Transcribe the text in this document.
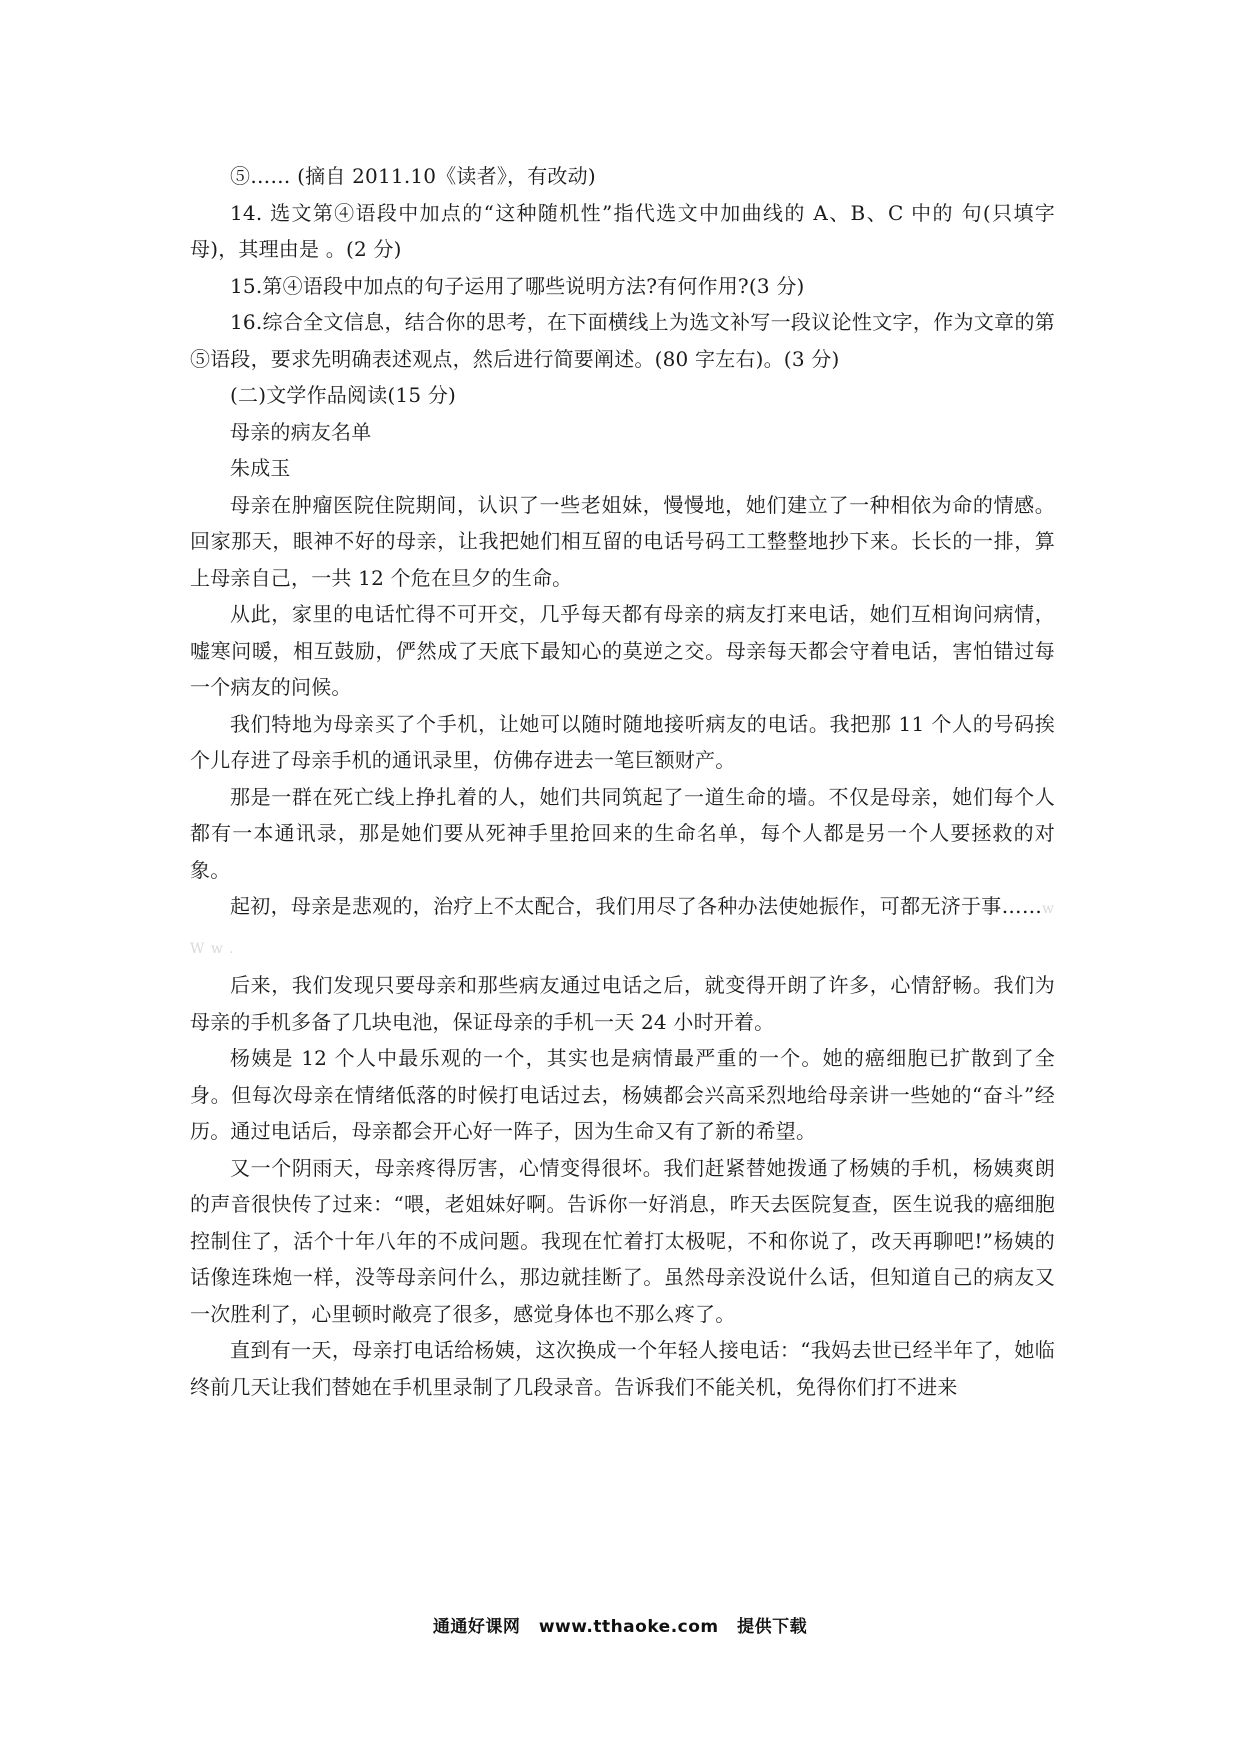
⑤…… (摘自 2011.10《读者》，有改动)

14. 选文第④语段中加点的“这种随机性”指代选文中加曲线的 A、B、C 中的 句(只填字母)，其理由是 。(2 分)

15.第④语段中加点的句子运用了哪些说明方法?有何作用?(3 分)

16.综合全文信息，结合你的思考，在下面横线上为选文补写一段议论性文字，作为文章的第⑤语段，要求先明确表述观点，然后进行简要阐述。(80 字左右)。(3 分)

(二)文学作品阅读(15 分)

母亲的病友名单

朱成玉

母亲在肿瘤医院住院期间，认识了一些老姐妹，慢慢地，她们建立了一种相依为命的情感。回家那天，眼神不好的母亲，让我把她们相互留的电话号码工工整整地抄下来。长长的一排，算上母亲自己，一共 12 个危在旦夕的生命。

从此，家里的电话忙得不可开交，几乎每天都有母亲的病友打来电话，她们互相询问病情，嘘寒问暖，相互鼓励，俨然成了天底下最知心的莫逆之交。母亲每天都会守着电话，害怕错过每一个病友的问候。

我们特地为母亲买了个手机，让她可以随时随地接听病友的电话。我把那 11 个人的号码挨个儿存进了母亲手机的通讯录里，仿佛存进去一笔巨额财产。

那是一群在死亡线上挣扎着的人，她们共同筑起了一道生命的墙。不仅是母亲，她们每个人都有一本通讯录，那是她们要从死神手里抢回来的生命名单，每个人都是另一个人要拯救的对象。

起初，母亲是悲观的，治疗上不太配合，我们用尽了各种办法使她振作，可都无济于事……w W w .

后来，我们发现只要母亲和那些病友通过电话之后，就变得开朗了许多，心情舒畅。我们为母亲的手机多备了几块电池，保证母亲的手机一天 24 小时开着。

杨姨是 12 个人中最乐观的一个，其实也是病情最严重的一个。她的癌细胞已扩散到了全身。但每次母亲在情绪低落的时候打电话过去，杨姨都会兴高采烈地给母亲讲一些她的“奋斗”经历。通过电话后，母亲都会开心好一阵子，因为生命又有了新的希望。

又一个阴雨天，母亲疼得厉害，心情变得很坏。我们赶紧替她拨通了杨姨的手机，杨姨爽朗的声音很快传了过来：“喂，老姐妹好啊。告诉你一好消息，昨天去医院复查，医生说我的癌细胞控制住了，活个十年八年的不成问题。我现在忙着打太极呢，不和你说了，改天再聊吧!”杨姨的话像连珠炮一样，没等母亲问什么，那边就挂断了。虽然母亲没说什么话，但知道自己的病友又一次胜利了，心里顿时敞亮了很多，感觉身体也不那么疼了。

直到有一天，母亲打电话给杨姨，这次换成一个年轻人接电话：“我妈去世已经半年了，她临终前几天让我们替她在手机里录制了几段录音。告诉我们不能关机，免得你们打不进来

通通好课网 www.tthaoke.com 提供下载
